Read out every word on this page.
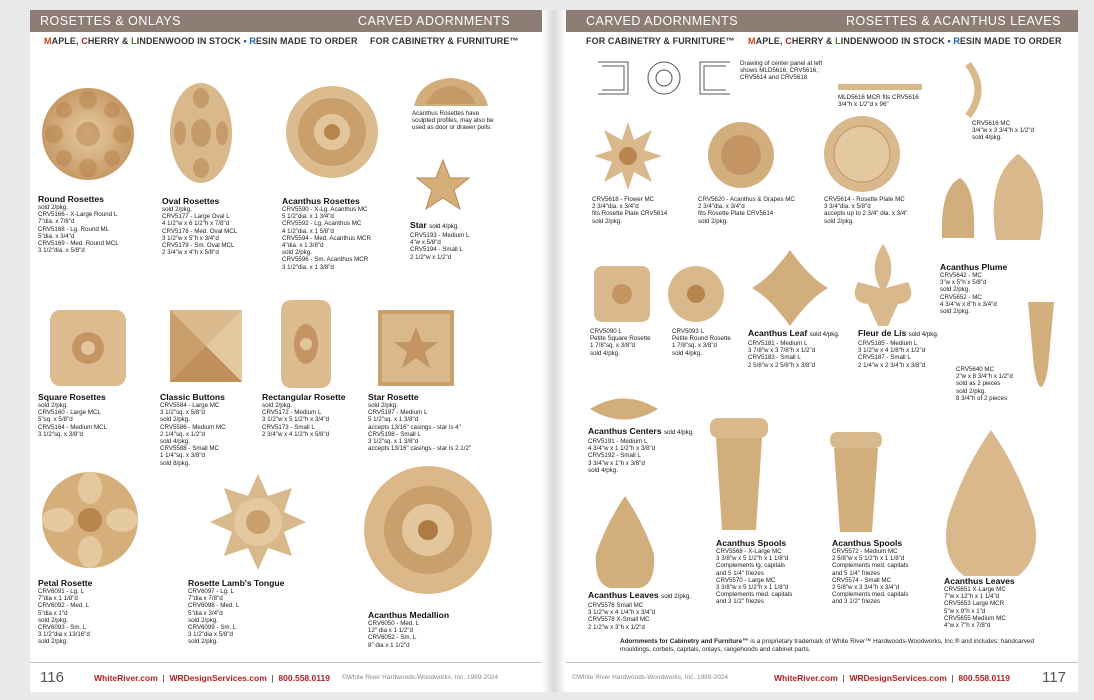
ROSETTES & ONLAYS	CARVED ADORNMENTS
MAPLE, CHERRY & LINDENWOOD IN STOCK • RESIN MADE TO ORDER FOR CABINETRY & FURNITURE™
Acanthus Rosettes have sculpted profiles, may also be used as door or drawer pulls.
Round Rosettes
sold 2/pkg.
CRV5166 - X-Large Round L
7"dia. x 7/8"d
CRV5168 - Lg. Round ML
5"dia. x 3/4"d
CRV5169 - Med. Round MCL
3 1/2"dia. x 5/8"d
Oval Rosettes
sold 2/pkg.
CRV5177 - Large Oval L
4 1/2"w x 6 1/2"h x 7/8"d
CRV5178 - Med. Oval MCL
3 1/2"w x 5"h x 3/4"d
CRV5179 - Sm. Oval MCL
2 3/4"w x 4"h x 5/8"d
Acanthus Rosettes
CRV5590 - X-Lg. Acanthus MC
5 1/2"dia. x 1 3/4"d
CRV5592 - Lg. Acanthus MC
4 1/2"dia. x 1 5/8"d
CRV5594 - Med. Acanthus MCR
4"dia. x 1 3/8"d
sold 2/pkg.
CRV5596 - Sm. Acanthus MCR
3 1/2"dia. x 1 3/8"d
Star sold 4/pkg.
CRV5193 - Medium L
4"w x 5/8"d
CRV5194 - Small L
2 1/2"w x 1/2"d
Square Rosettes
sold 2/pkg.
CRV5160 - Large MCL
5"sq. x 5/8"d
CRV5164 - Medium MCL
3 1/2"sq. x 3/8"d
Classic Buttons
CRV5584 - Large MC
3 1/2"sq. x 5/8"d
sold 2/pkg.
CRV5586 - Medium MC
2 1/4"sq. x 1/2"d
sold 4/pkg.
CRV5588 - Small MC
1 1/4"sq. x 3/8"d
sold 8/pkg.
Rectangular Rosette
sold 2/pkg.
CRV5172 - Medium L
3 1/2"w x 5 1/2"h x 3/4"d
CRV5173 - Small L
2 3/4"w x 4 1/2"h x 5/8"d
Star Rosette
sold 2/pkg.
CRV5197 - Medium L
5 1/2"sq. x 1 3/8"d
accepts 13/16" casings - star is 4"
CRV5198 - Small L
3 1/2"sq. x 1 3/8"d
accepts 13/16" casings - star is 2 1/2"
Petal Rosette
CRV6091 - Lg. L
7"dia x 1 1/8"d
CRV6092 - Med. L
5"dia x 1"d
sold 2/pkg.
CRV6093 - Sm. L
3 1/2"dia x 13/16"d
sold 2/pkg.
Rosette Lamb's Tongue
CRV6097 - Lg. L
7"dia x 7/8"d
CRV6098 - Med. L
5"dia x 3/4"d
sold 2/pkg.
CRV6099 - Sm. L
3 1/2"dia x 5/8"d
sold 2/pkg.
Acanthus Medallion
CRV6050 - Med. L
12" dia x 1 1/2"d
CRV6052 - Sm. L
8" dia x 1 1/2"d
116	WhiteRiver.com  |  WRDesignServices.com  |  800.558.0119 ©White River Hardwoods-Woodworks, Inc. 1989-2024
CARVED ADORNMENTS	ROSETTES & ACANTHUS LEAVES
FOR CABINETRY & FURNITURE™ MAPLE, CHERRY & LINDENWOOD IN STOCK • RESIN MADE TO ORDER
Drawing of center panel at left shows MLD5616, CRV5616, CRV5614 and CRV5618
MLD5616 MCR fits CRV5616
3/4"h x 1/2"d x 96"
CRV5616 MC
3/4"w x 3 3/4"h x 1/2"d
sold 4/pkg.
CRV5618 - Flower MC
2 3/4"dia. x 3/4"d
fits Rosette Plate CRV5614
sold 2/pkg.
CRV5620 - Acanthus & Grapes MC
2 3/4"dia. x 3/4"d
fits Rosette Plate CRV5614
sold 2/pkg.
CRV5614 - Rosette Plate MC
3 3/4"dia. x 5/8"d
accepts up to 2 3/4" dia. x 3/4"
sold 2/pkg.
CRV5090 L
Petite Square Rosette
1 7/8"sq. x 3/8"d
sold 4/pkg.
CRV5093 L
Petite Round Rosette
1 7/8"sq. x 3/8"d
sold 4/pkg.
Acanthus Leaf sold 4/pkg.
CRV5181 - Medium L
3 7/8"w x 3 7/8"h x 1/2"d
CRV5183 - Small L
2 5/8"w x 2 5/8"h x 3/8"d
Fleur de Lis sold 4/pkg.
CRV5185 - Medium L
3 1/2"w x 4 1/8"h x 1/2"d
CRV5187 - Small L
2 1/4"w x 2 3/4"h x 3/8"d
Acanthus Plume
CRV5642 - MC
3"w x 5"h x 5/8"d
sold 2/pkg.
CRV5652 - MC
4 3/4"w x 8"h x 3/4"d
sold 2/pkg.
CRV5640 MC
2"w x 8 3/4"h x 1/2"d
sold as 2 pieces
sold 2/pkg.
8 3/4"h of 2 pieces
Acanthus Centers sold 4/pkg.
CRV5191 - Medium L
4 3/4"w x 1 1/2"h x 3/8"d
CRV5192 - Small L
3 3/4"w x 1"h x 3/8"d
sold 4/pkg.
Acanthus Spools
CRV5568 - X-Large MC
3 3/8"w x 5 1/2"h x 1 1/8"d
Complements lg. capitals
and 5 1/4" friezes
CRV5570 - Large MC
3 3/8"w x 5 1/2"h x 1 1/8"d
Complements med. capitals
and 3 1/2" friezes
Acanthus Spools
CRV5572 - Medium MC
2 5/8"w x 5 1/2"h x 1 1/8"d
Complements med. capitals
and 5 1/4" friezes
CRV5574 - Small MC
2 5/8"w x 3 3/4"h x 3/4"d
Complements med. capitals
and 3 1/2" friezes
Acanthus Leaves sold 2/pkg.
CRV5576 Small MC
3 1/2"w x 4 1/4"h x 3/4"d
CRV5578 X-Small MC
2 1/2"w x 3"h x 1/2"d
Acanthus Leaves
CRV5651 X-Large MC
7"w x 12"h x 1 1/4"d
CRV5653 Large MCR
5"w x 9"h x 1"d
CRV5655 Medium MC
4"w x 7"h x 7/8"d
Adornments for Cabinetry and Furniture™ is a proprietary trademark of White River™ Hardwoods-Woodworks, Inc.® and includes: handcarved mouldings, corbels, capitals, onlays, rangehoods and cabinet parts.
©White River Hardwoods-Woodworks, Inc. 1989-2024	WhiteRiver.com  |  WRDesignServices.com  |  800.558.0119 117
